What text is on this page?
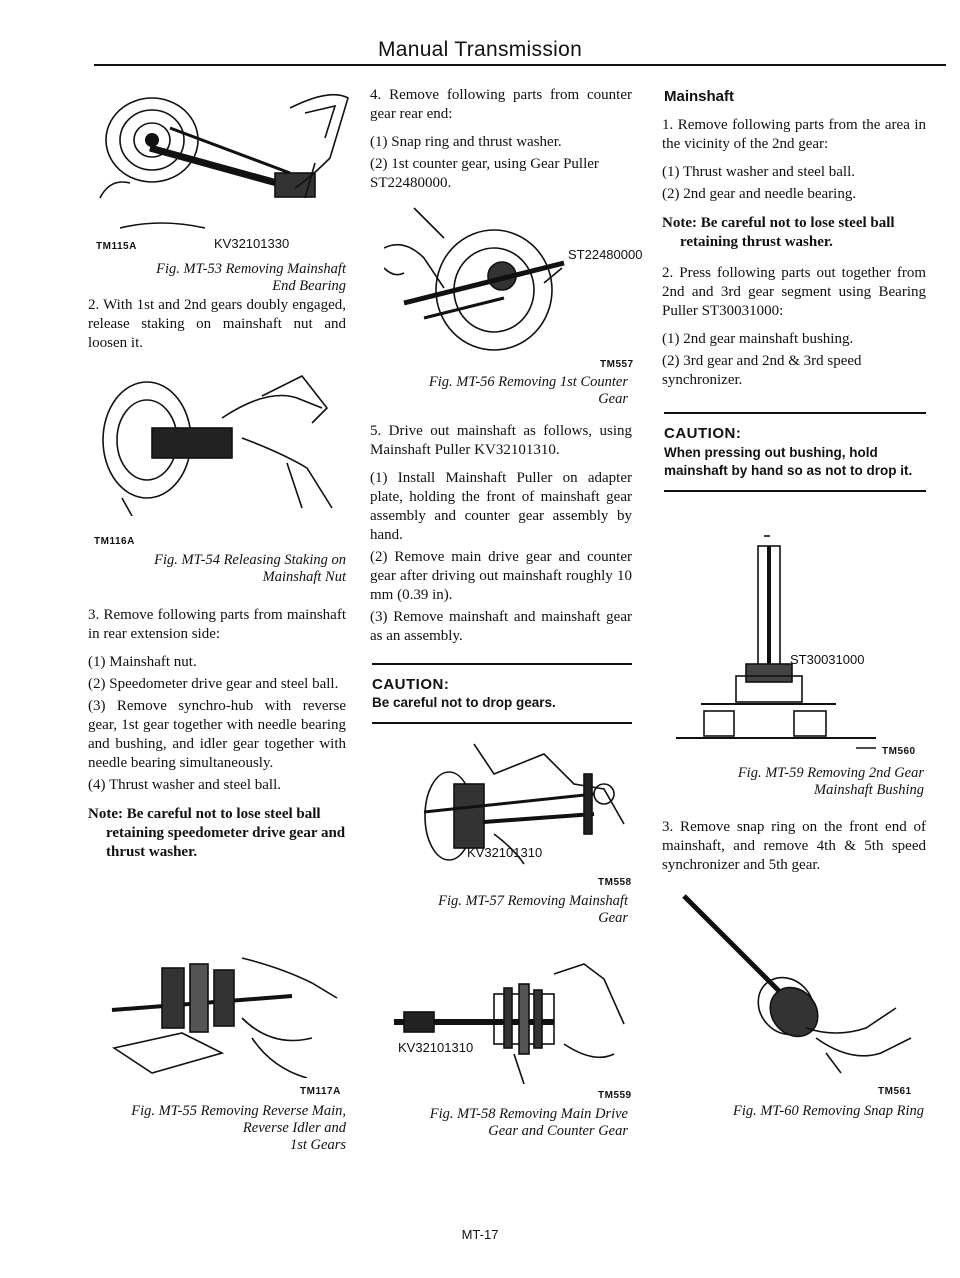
Manual Transmission
TM115A	KV32101330
Fig. MT-53 Removing Mainshaft
End Bearing

2. With 1st and 2nd gears doubly engaged, release staking on mainshaft nut and loosen it.

TM116A
Fig. MT-54 Releasing Staking on
Mainshaft Nut

3. Remove following parts from mainshaft in rear extension side:

(1) Mainshaft nut.
(2) Speedometer drive gear and steel ball.
(3) Remove synchro-hub with reverse gear, 1st gear together with needle bearing and bushing, and idler gear together with needle bearing simultaneously.
(4) Thrust washer and steel ball.
Note: Be careful not to lose steel ball
retaining speedometer drive gear and thrust washer.
TM117A
Fig. MT-55 Removing Reverse Main,
Reverse Idler and
1st Gears

4. Remove following parts from counter gear rear end:

(1) Snap ring and thrust washer.
(2) 1st counter gear, using Gear Puller ST22480000.
ST22480000
TM557
Fig. MT-56 Removing 1st Counter
Gear

5. Drive out mainshaft as follows, using Mainshaft Puller KV32101310.

(1) Install Mainshaft Puller on adapter plate, holding the front of mainshaft gear assembly and counter gear assembly by hand.
(2) Remove main drive gear and counter gear after driving out mainshaft roughly 10 mm (0.39 in).
(3) Remove mainshaft and mainshaft gear as an assembly.
CAUTION:
Be careful not to drop gears.
KV32101310
TM558
Fig. MT-57 Removing Mainshaft
Gear
KV32101310
TM559
Fig. MT-58 Removing Main Drive
Gear and Counter Gear
Mainshaft

1. Remove following parts from the area in the vicinity of the 2nd gear:

(1) Thrust washer and steel ball.
(2) 2nd gear and needle bearing.
Note: Be careful not to lose steel ball
retaining thrust washer.

2. Press following parts out together from 2nd and 3rd gear segment using Bearing Puller ST30031000:

(1) 2nd gear mainshaft bushing.
(2) 3rd gear and 2nd & 3rd speed synchronizer.
CAUTION:
When pressing out bushing, hold mainshaft by hand so as not to drop it.
ST30031000
TM560
Fig. MT-59 Removing 2nd Gear
Mainshaft Bushing

3. Remove snap ring on the front end of mainshaft, and remove 4th & 5th speed synchronizer and 5th gear.

TM561
Fig. MT-60 Removing Snap Ring
MT-17
